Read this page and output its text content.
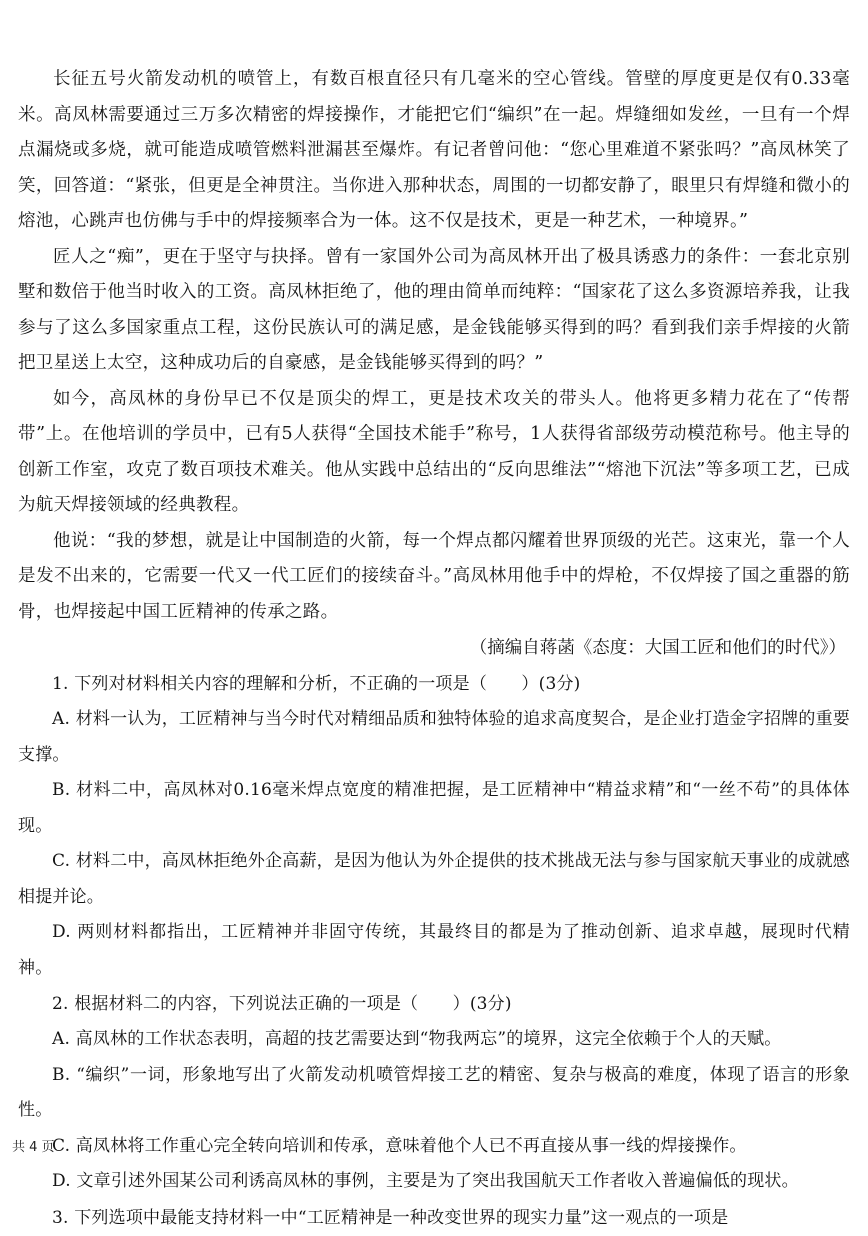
长征五号火箭发动机的喷管上，有数百根直径只有几毫米的空心管线。管壁的厚度更是仅有0.33毫米。高凤林需要通过三万多次精密的焊接操作，才能把它们“编织”在一起。焊缝细如发丝，一旦有一个焊点漏烧或多烧，就可能造成喷管燃料泄漏甚至爆炸。有记者曾问他：“您心里难道不紧张吗？”高凤林笑了笑，回答道：“紧张，但更是全神贯注。当你进入那种状态，周围的一切都安静了，眼里只有焊缝和微小的熔池，心跳声也仿佛与手中的焊接频率合为一体。这不仅是技术，更是一种艺术，一种境界。”

匠人之“痴”，更在于坚守与抉择。曾有一家国外公司为高凤林开出了极具诱惑力的条件：一套北京别墅和数倍于他当时收入的工资。高凤林拒绝了，他的理由简单而纯粹：“国家花了这么多资源培养我，让我参与了这么多国家重点工程，这份民族认可的满足感，是金钱能够买得到的吗？看到我们亲手焊接的火箭把卫星送上太空，这种成功后的自豪感，是金钱能够买得到的吗？”

如今，高凤林的身份早已不仅是顶尖的焊工，更是技术攻关的带头人。他将更多精力花在了“传帮带”上。在他培训的学员中，已有5人获得“全国技术能手”称号，1人获得省部级劳动模范称号。他主导的创新工作室，攻克了数百项技术难关。他从实践中总结出的“反向思维法”“熔池下沉法”等多项工艺，已成为航天焊接领域的经典教程。

他说：“我的梦想，就是让中国制造的火箭，每一个焊点都闪耀着世界顶级的光芒。这束光，靠一个人是发不出来的，它需要一代又一代工匠们的接续奋斗。”高凤林用他手中的焊枪，不仅焊接了国之重器的筋骨，也焊接起中国工匠精神的传承之路。

（摘编自蒋菡《态度：大国工匠和他们的时代》）

1. 下列对材料相关内容的理解和分析，不正确的一项是（　　）(3分)

A. 材料一认为，工匠精神与当今时代对精细品质和独特体验的追求高度契合，是企业打造金字招牌的重要支撑。

B. 材料二中，高凤林对0.16毫米焊点宽度的精准把握，是工匠精神中“精益求精”和“一丝不苟”的具体体现。

C. 材料二中，高凤林拒绝外企高薪，是因为他认为外企提供的技术挑战无法与参与国家航天事业的成就感相提并论。

D. 两则材料都指出，工匠精神并非固守传统，其最终目的都是为了推动创新、追求卓越，展现时代精神。

2. 根据材料二的内容，下列说法正确的一项是（　　）(3分)

A. 高凤林的工作状态表明，高超的技艺需要达到“物我两忘”的境界，这完全依赖于个人的天赋。

B. “编织”一词，形象地写出了火箭发动机喷管焊接工艺的精密、复杂与极高的难度，体现了语言的形象性。

C. 高凤林将工作重心完全转向培训和传承，意味着他个人已不再直接从事一线的焊接操作。

D. 文章引述外国某公司利诱高凤林的事例，主要是为了突出我国航天工作者收入普遍偏低的现状。

3. 下列选项中最能支持材料一中“工匠精神是一种改变世界的现实力量”这一观点的一项是

共 4 页
